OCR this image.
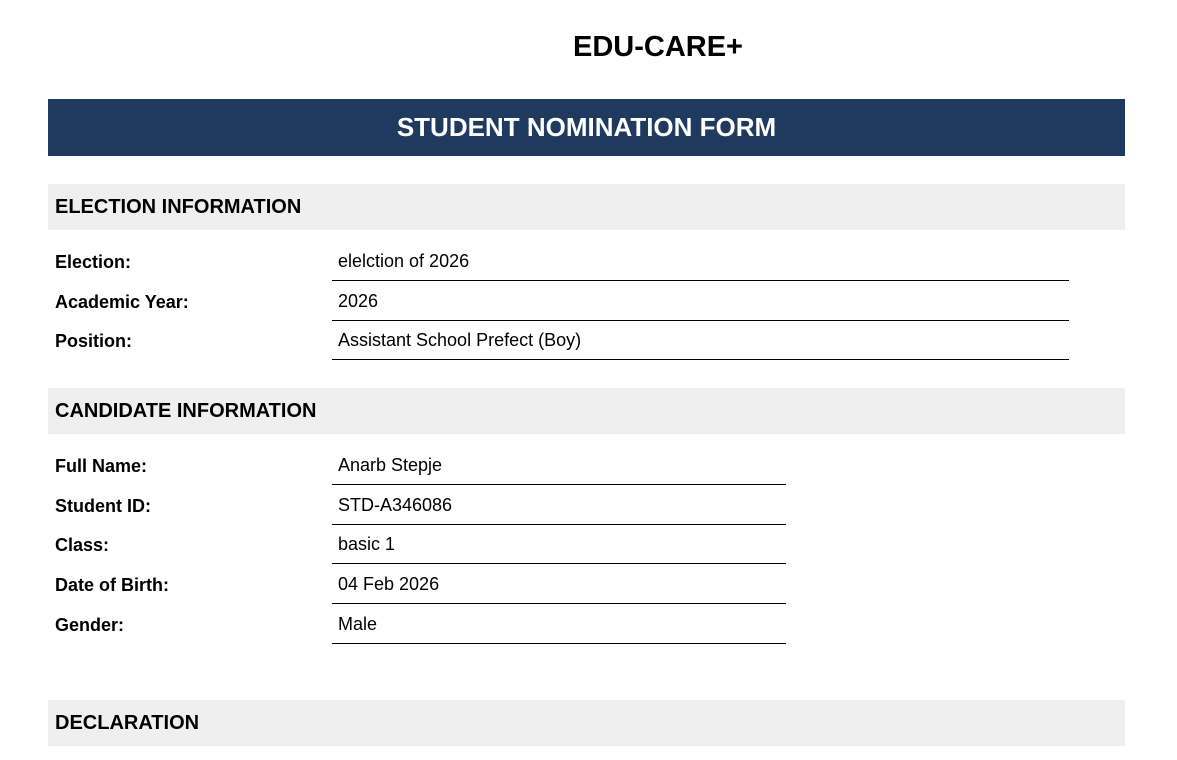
EDU-CARE+
STUDENT NOMINATION FORM
ELECTION INFORMATION
Election:	elelction of 2026
Academic Year:	2026
Position:	Assistant School Prefect (Boy)
CANDIDATE INFORMATION
Full Name:	Anarb Stepje
Student ID:	STD-A346086
Class:	basic 1
Date of Birth:	04 Feb 2026
Gender:	Male
DECLARATION
